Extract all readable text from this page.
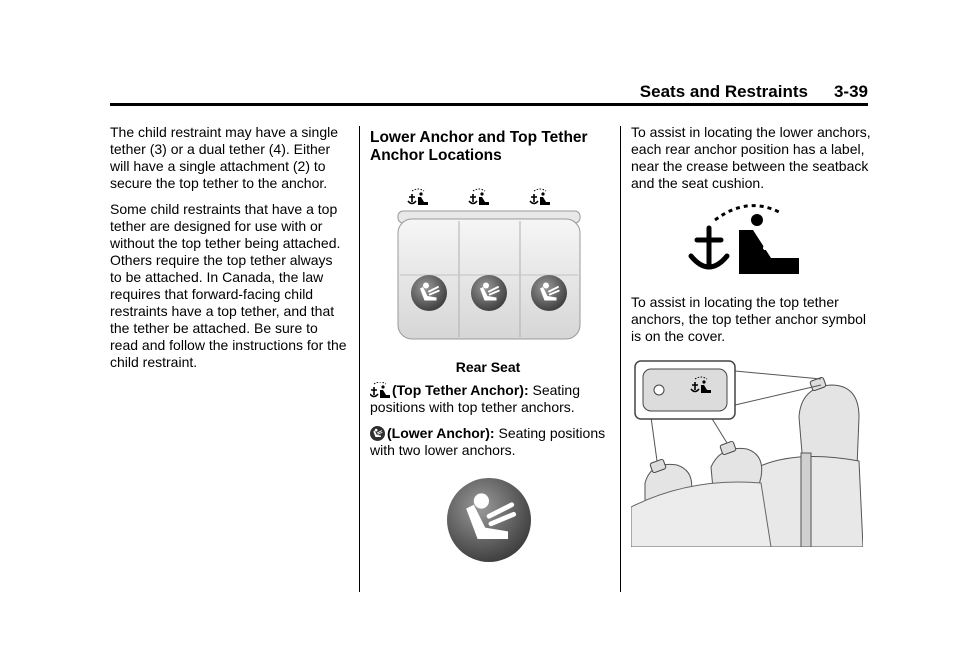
Seats and Restraints 3-39

The child restraint may have a single tether (3) or a dual tether (4). Either will have a single attachment (2) to secure the top tether to the anchor.

Some child restraints that have a top tether are designed for use with or without the top tether being attached. Others require the top tether always to be attached. In Canada, the law requires that forward-facing child restraints have a top tether, and that the tether be attached. Be sure to read and follow the instructions for the child restraint.

Lower Anchor and Top Tether Anchor Locations
Rear Seat

(Top Tether Anchor): Seating positions with top tether anchors.

(Lower Anchor): Seating positions with two lower anchors.

To assist in locating the lower anchors, each rear anchor position has a label, near the crease between the seatback and the seat cushion.

To assist in locating the top tether anchors, the top tether anchor symbol is on the cover.
